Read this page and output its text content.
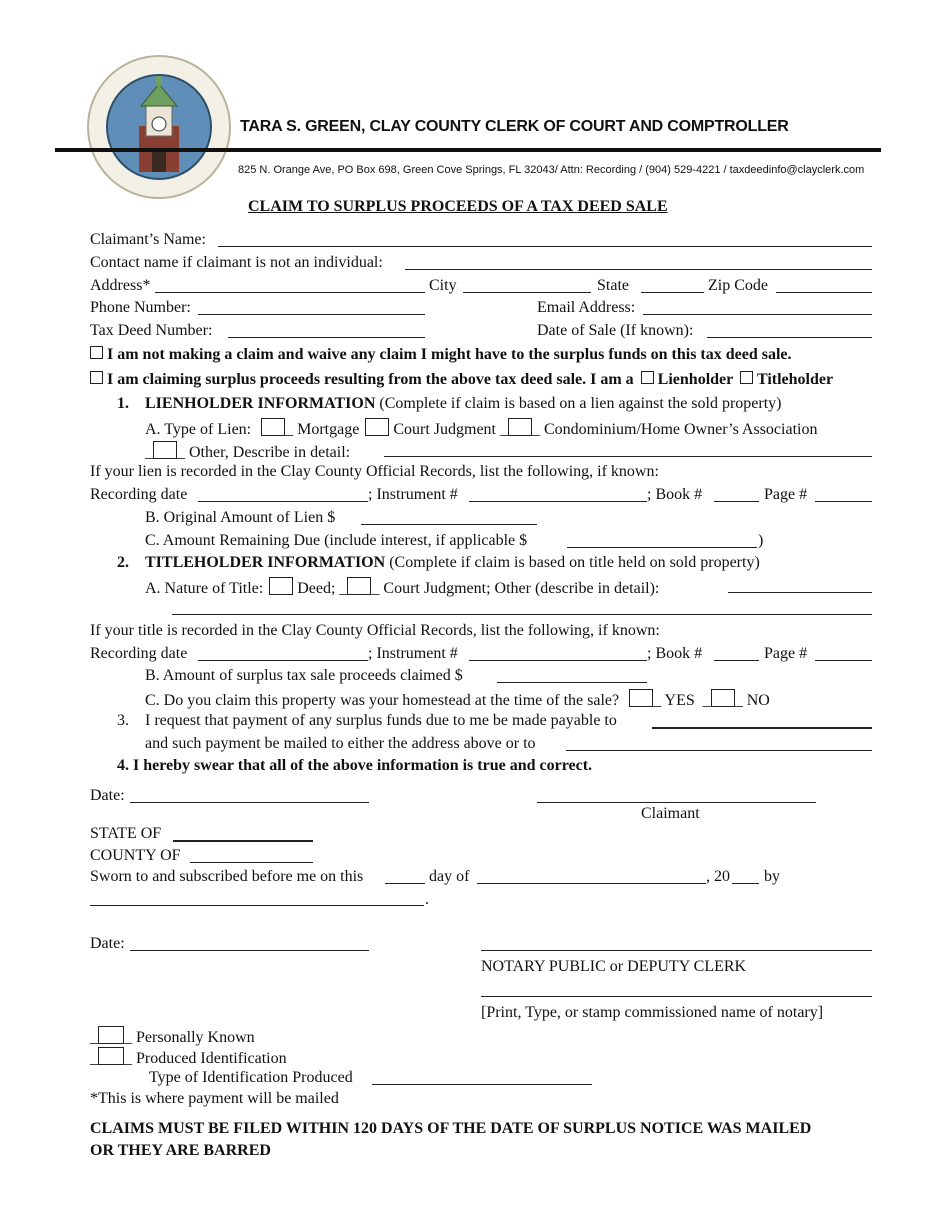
TARA S. GREEN, CLAY COUNTY CLERK OF COURT AND COMPTROLLER
825 N. Orange Ave, PO Box 698, Green Cove Springs, FL 32043/ Attn: Recording / (904) 529-4221 / taxdeedinfo@clayclerk.com
CLAIM TO SURPLUS PROCEEDS OF A TAX DEED SALE
Claimant’s Name:
Contact name if claimant is not an individual:
Address*	City	State	Zip Code
Phone Number:	Email Address:
Tax Deed Number:	Date of Sale (If known):
I am not making a claim and waive any claim I might have to the surplus funds on this tax deed sale.
I am claiming surplus proceeds resulting from the above tax deed sale. I am a Lienholder Titleholder
1. LIENHOLDER INFORMATION (Complete if claim is based on a lien against the sold property)
A. Type of Lien: _ Mortgage Court Judgment _ _ Condominium/Home Owner’s Association
_ _ Other, Describe in detail:
If your lien is recorded in the Clay County Official Records, list the following, if known:
Recording date	; Instrument #	; Book #	Page #
B. Original Amount of Lien $
C. Amount Remaining Due (include interest, if applicable $	)
2. TITLEHOLDER INFORMATION (Complete if claim is based on title held on sold property)
A. Nature of Title: Deed; _ _ Court Judgment; Other (describe in detail):
If your title is recorded in the Clay County Official Records, list the following, if known:
Recording date	; Instrument #	; Book #	Page #
B. Amount of surplus tax sale proceeds claimed $
C. Do you claim this property was your homestead at the time of the sale? _ YES  _ _ NO
3. I request that payment of any surplus funds due to me be made payable to
and such payment be mailed to either the address above or to
4. I hereby swear that all of the above information is true and correct.
Date:
Claimant
STATE OF
COUNTY OF
Sworn to and subscribed before me on this	day of	, 20 by
.
Date:
NOTARY PUBLIC or DEPUTY CLERK
[Print, Type, or stamp commissioned name of notary]
_ _ Personally Known
_ _ Produced Identification
Type of Identification Produced
*This is where payment will be mailed
CLAIMS MUST BE FILED WITHIN 120 DAYS OF THE DATE OF SURPLUS NOTICE WAS MAILED
OR THEY ARE BARRED
